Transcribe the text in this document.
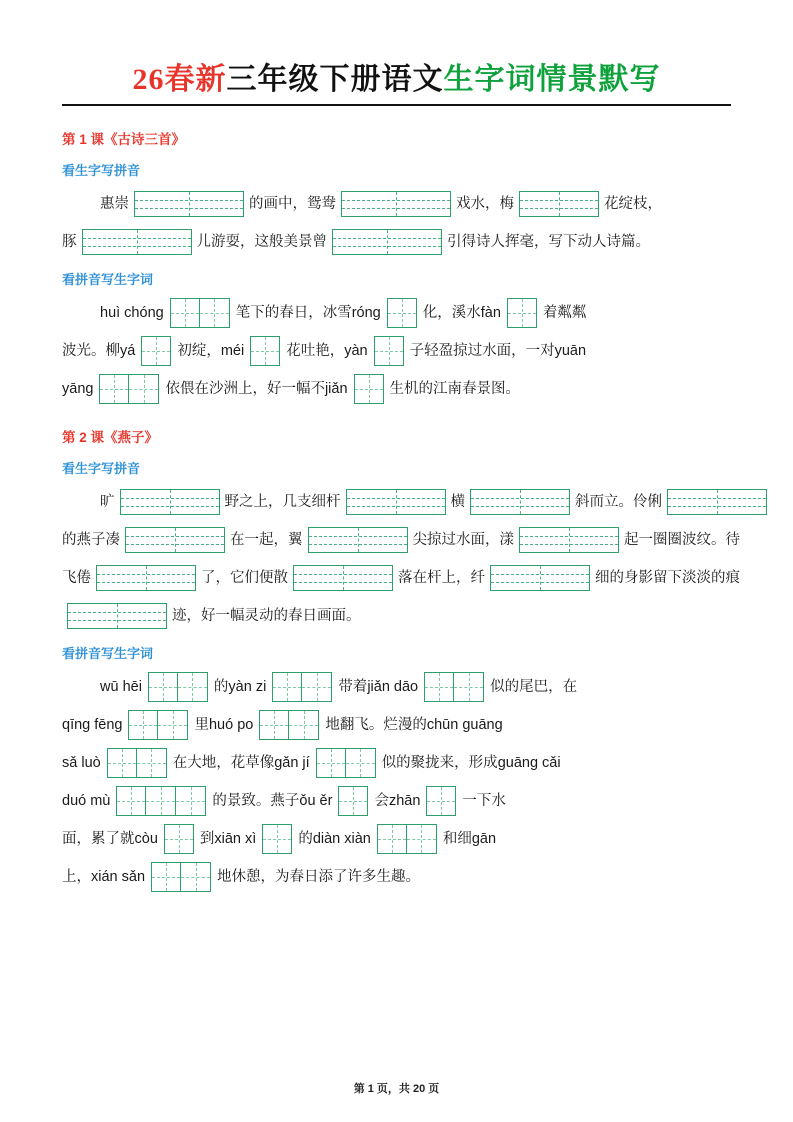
26春新三年级下册语文生字词情景默写
第 1 课《古诗三首》
看生字写拼音
惠崇	的画中，鸳鸯	戏水，梅	花绽枝，
豚	儿游耍，这般美景曾	引得诗人挥毫，写下动人诗篇。
看拼音写生字词
huì chóng	笔下的春日，冰雪 róng	化，溪水 fàn	着粼粼
波光。柳 yá	初绽， méi	花吐艳， yàn	子轻盈掠过水面，一对 yuān
yāng	依偎在沙洲上，好一幅不 jiǎn	生机的江南春景图。
第 2 课《燕子》
看生字写拼音
旷	野之上，几支细杆	横	斜而立。伶俐
的燕子凑	在一起，翼	尖掠过水面，漾	起一圈圈波纹。待
飞倦	了，它们便散	落在杆上，纤	细的身影留下淡淡的痕
迹，好一幅灵动的春日画面。
看拼音写生字词
wū hēi	的 yàn zi	带着 jiǎn dāo	似的尾巴，在
qīng fēng	里 huó po	地翻飞。烂漫的 chūn guāng
sǎ luò	在大地，花草像 gǎn jí	似的聚拢来，形成 guāng cǎi
duó mù	的景致。燕子 ǒu ěr	会 zhān	一下水
面，累了就 còu	到 xiān xì	的 diàn xiàn	和细 gān
上， xián sǎn	地休憩，为春日添了许多生趣。
第 1 页，共 20 页
